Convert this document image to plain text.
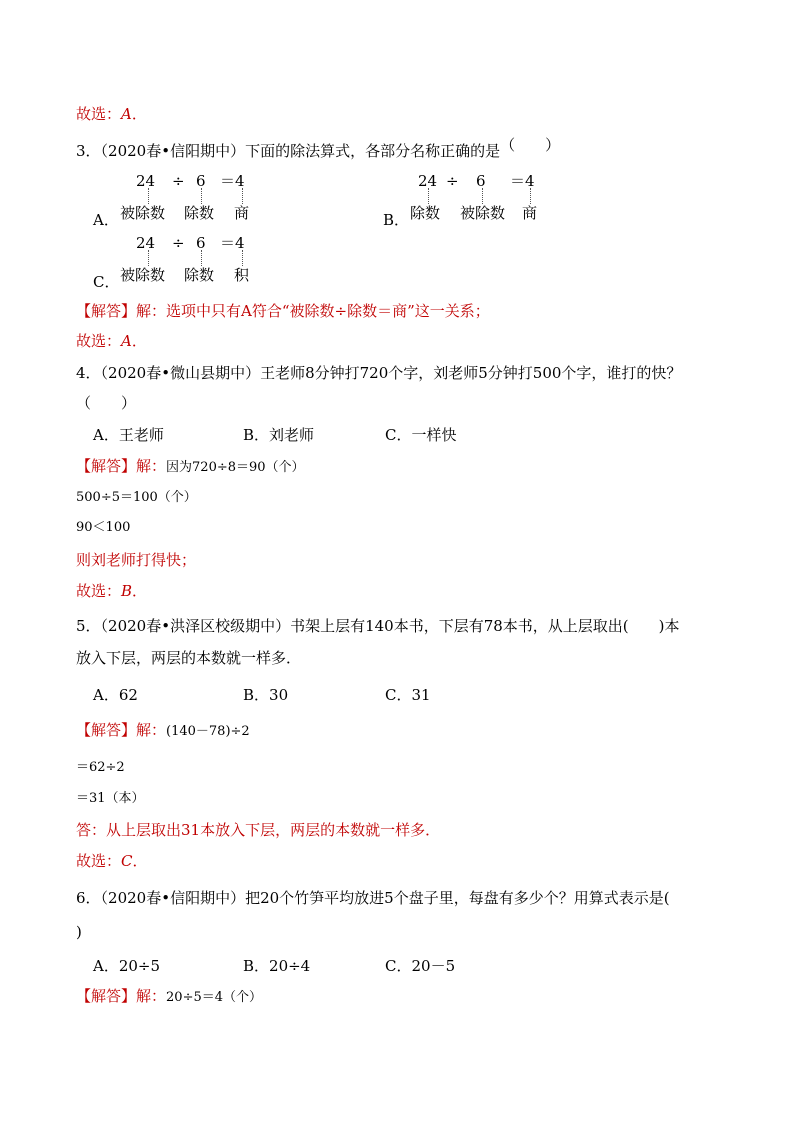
故选：A．
3．（2020春•信阳期中）下面的除法算式，各部分名称正确的是（　　）
A．
24 ÷ 6 ＝4
被除数 除数 商	B．
24 ÷ 6 ＝4
除数 被除数 商
C．
24 ÷ 6 ＝4
被除数 除数 积
【解答】解：选项中只有A符合“被除数÷除数＝商”这一关系；
故选：A．
4．（2020春•微山县期中）王老师8分钟打720个字，刘老师5分钟打500个字，谁打的快？
（　　）
A．王老师	B．刘老师	C．一样快
【解答】解：因为720÷8＝90（个）
500÷5＝100（个）
90＜100
则刘老师打得快；
故选：B．
5．（2020春•洪泽区校级期中）书架上层有140本书，下层有78本书，从上层取出(　　)本
放入下层，两层的本数就一样多．
A．62	B．30	C．31
【解答】解：(140－78)÷2
＝62÷2
＝31（本）
答：从上层取出31本放入下层，两层的本数就一样多．
故选：C．
6．（2020春•信阳期中）把20个竹笋平均放进5个盘子里，每盘有多少个？用算式表示是(
)
A．20÷5	B．20÷4	C．20－5
【解答】解：20÷5＝4（个）
